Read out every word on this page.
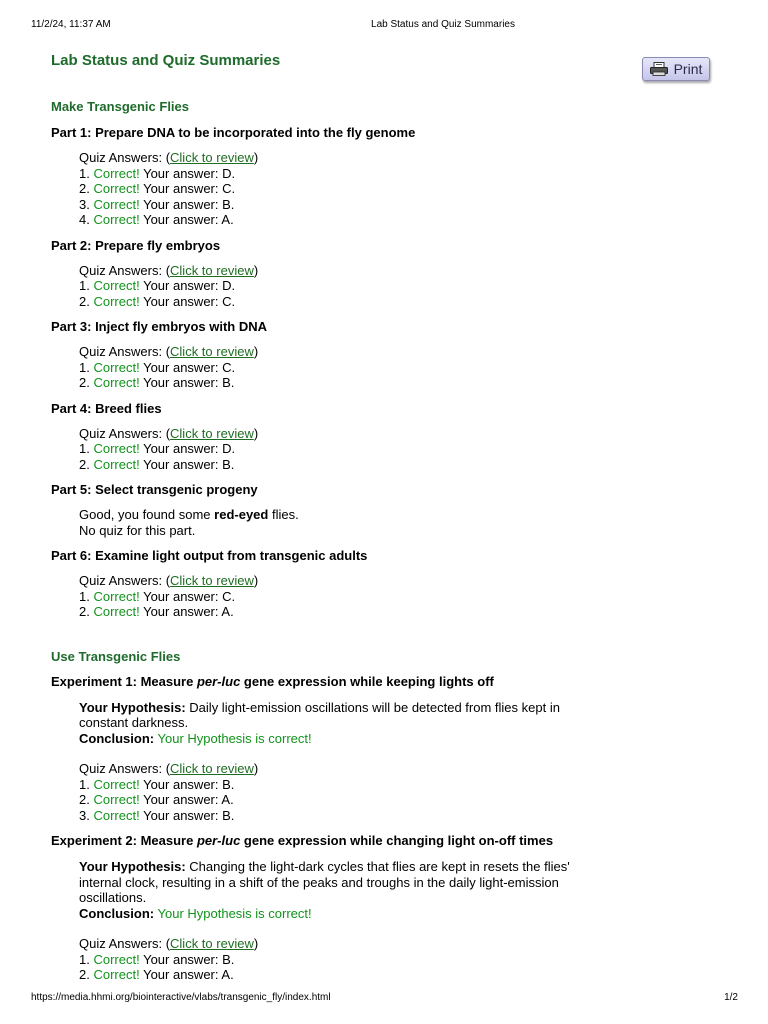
11/2/24, 11:37 AM	Lab Status and Quiz Summaries
Print
Lab Status and Quiz Summaries
Make Transgenic Flies
Part 1: Prepare DNA to be incorporated into the fly genome
Quiz Answers: (Click to review)
1. Correct! Your answer: D.
2. Correct! Your answer: C.
3. Correct! Your answer: B.
4. Correct! Your answer: A.
Part 2: Prepare fly embryos
Quiz Answers: (Click to review)
1. Correct! Your answer: D.
2. Correct! Your answer: C.
Part 3: Inject fly embryos with DNA
Quiz Answers: (Click to review)
1. Correct! Your answer: C.
2. Correct! Your answer: B.
Part 4: Breed flies
Quiz Answers: (Click to review)
1. Correct! Your answer: D.
2. Correct! Your answer: B.
Part 5: Select transgenic progeny
Good, you found some red-eyed flies.
No quiz for this part.
Part 6: Examine light output from transgenic adults
Quiz Answers: (Click to review)
1. Correct! Your answer: C.
2. Correct! Your answer: A.
Use Transgenic Flies
Experiment 1: Measure per-luc gene expression while keeping lights off
Your Hypothesis: Daily light-emission oscillations will be detected from flies kept in constant darkness.
Conclusion: Your Hypothesis is correct!
Quiz Answers: (Click to review)
1. Correct! Your answer: B.
2. Correct! Your answer: A.
3. Correct! Your answer: B.
Experiment 2: Measure per-luc gene expression while changing light on-off times
Your Hypothesis: Changing the light-dark cycles that flies are kept in resets the flies' internal clock, resulting in a shift of the peaks and troughs in the daily light-emission oscillations.
Conclusion: Your Hypothesis is correct!
Quiz Answers: (Click to review)
1. Correct! Your answer: B.
2. Correct! Your answer: A.
https://media.hhmi.org/biointeractive/vlabs/transgenic_fly/index.html	1/2
